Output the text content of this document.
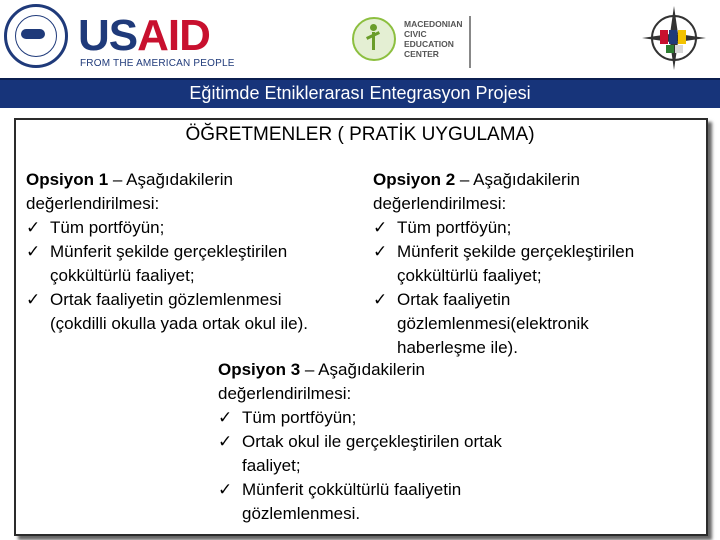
USAID
FROM THE AMERICAN PEOPLE
MACEDONIAN
CIVIC
EDUCATION
CENTER
Eğitimde Etniklerarası Entegrasyon Projesi
ÖĞRETMENLER ( PRATİK UYGULAMA)
Opsiyon 1 – Aşağıdakilerin
değerlendirilmesi:
✓ Tüm portföyün;
✓ Münferit şekilde gerçekleştirilen
çokkültürlü faaliyet;
✓ Ortak faaliyetin gözlemlenmesi
(çokdilli okulla yada ortak okul ile).
Opsiyon 2 – Aşağıdakilerin
değerlendirilmesi:
✓ Tüm portföyün;
✓ Münferit şekilde gerçekleştirilen
çokkültürlü faaliyet;
✓ Ortak faaliyetin
gözlemlenmesi(elektronik
haberleşme ile).
Opsiyon 3 – Aşağıdakilerin
değerlendirilmesi:
✓ Tüm portföyün;
✓ Ortak okul ile gerçekleştirilen ortak
faaliyet;
✓ Münferit çokkültürlü faaliyetin
gözlemlenmesi.
